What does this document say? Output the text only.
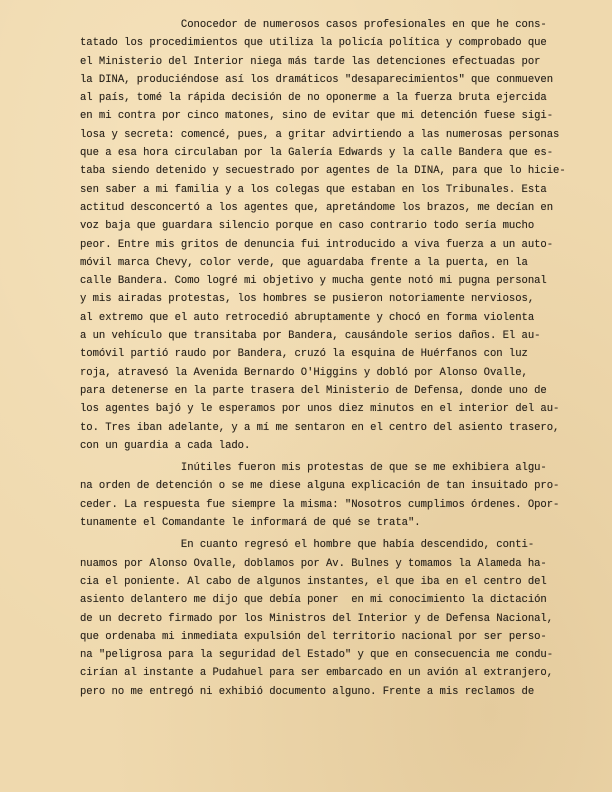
Conocedor de numerosos casos profesionales en que he cons-
tatado los procedimientos que utiliza la policía política y comprobado que
el Ministerio del Interior niega más tarde las detenciones efectuadas por
la DINA, produciéndose así los dramáticos "desaparecimientos" que conmueven
al país, tomé la rápida decisión de no oponerme a la fuerza bruta ejercida
en mi contra por cinco matones, sino de evitar que mi detención fuese sigi-
losa y secreta: comencé, pues, a gritar advirtiendo a las numerosas personas
que a esa hora circulaban por la Galería Edwards y la calle Bandera que es-
taba siendo detenido y secuestrado por agentes de la DINA, para que lo hicie-
sen saber a mi familia y a los colegas que estaban en los Tribunales. Esta
actitud desconcertó a los agentes que, apretándome los brazos, me decían en
voz baja que guardara silencio porque en caso contrario todo sería mucho
peor. Entre mis gritos de denuncia fui introducido a viva fuerza a un auto-
móvil marca Chevy, color verde, que aguardaba frente a la puerta, en la
calle Bandera. Como logré mi objetivo y mucha gente notó mi pugna personal
y mis airadas protestas, los hombres se pusieron notoriamente nerviosos,
al extremo que el auto retrocedió abruptamente y chocó en forma violenta
a un vehículo que transitaba por Bandera, causándole serios daños. El au-
tomóvil partió raudo por Bandera, cruzó la esquina de Huérfanos con luz
roja, atravesó la Avenida Bernardo O'Higgins y dobló por Alonso Ovalle,
para detenerse en la parte trasera del Ministerio de Defensa, donde uno de
los agentes bajó y le esperamos por unos diez minutos en el interior del au-
to. Tres iban adelante, y a mí me sentaron en el centro del asiento trasero,
con un guardia a cada lado.
Inútiles fueron mis protestas de que se me exhibiera algu-
na orden de detención o se me diese alguna explicación de tan insuitado pro-
ceder. La respuesta fue siempre la misma: "Nosotros cumplimos órdenes. Opor-
tunamente el Comandante le informará de qué se trata".
En cuanto regresó el hombre que había descendido, conti-
nuamos por Alonso Ovalle, doblamos por Av. Bulnes y tomamos la Alameda ha-
cia el poniente. Al cabo de algunos instantes, el que iba en el centro del
asiento delantero me dijo que debía poner  en mi conocimiento la dictación
de un decreto firmado por los Ministros del Interior y de Defensa Nacional,
que ordenaba mi inmediata expulsión del territorio nacional por ser perso-
na "peligrosa para la seguridad del Estado" y que en consecuencia me condu-
cirían al instante a Pudahuel para ser embarcado en un avión al extranjero,
pero no me entregó ni exhibió documento alguno. Frente a mis reclamos de
